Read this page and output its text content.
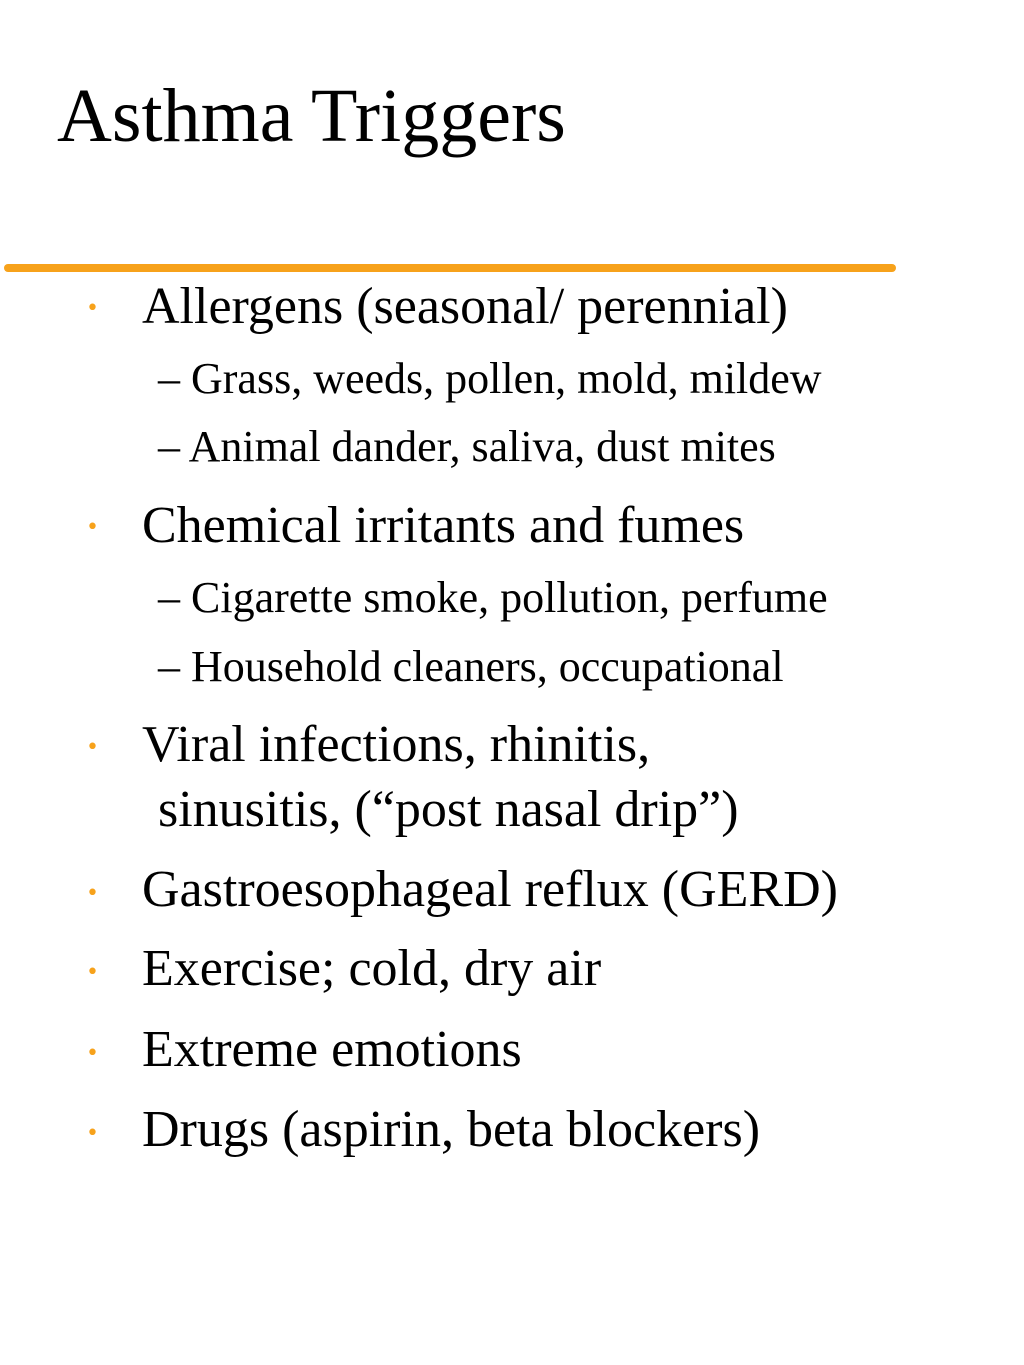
Asthma Triggers
• Allergens (seasonal/ perennial)
– Grass, weeds, pollen, mold, mildew
– Animal dander, saliva, dust mites
• Chemical irritants and fumes
– Cigarette smoke, pollution, perfume
– Household cleaners, occupational
• Viral infections, rhinitis,
sinusitis, (“post nasal drip”)
• Gastroesophageal reflux (GERD)
• Exercise; cold, dry air
• Extreme emotions
• Drugs (aspirin, beta blockers)
